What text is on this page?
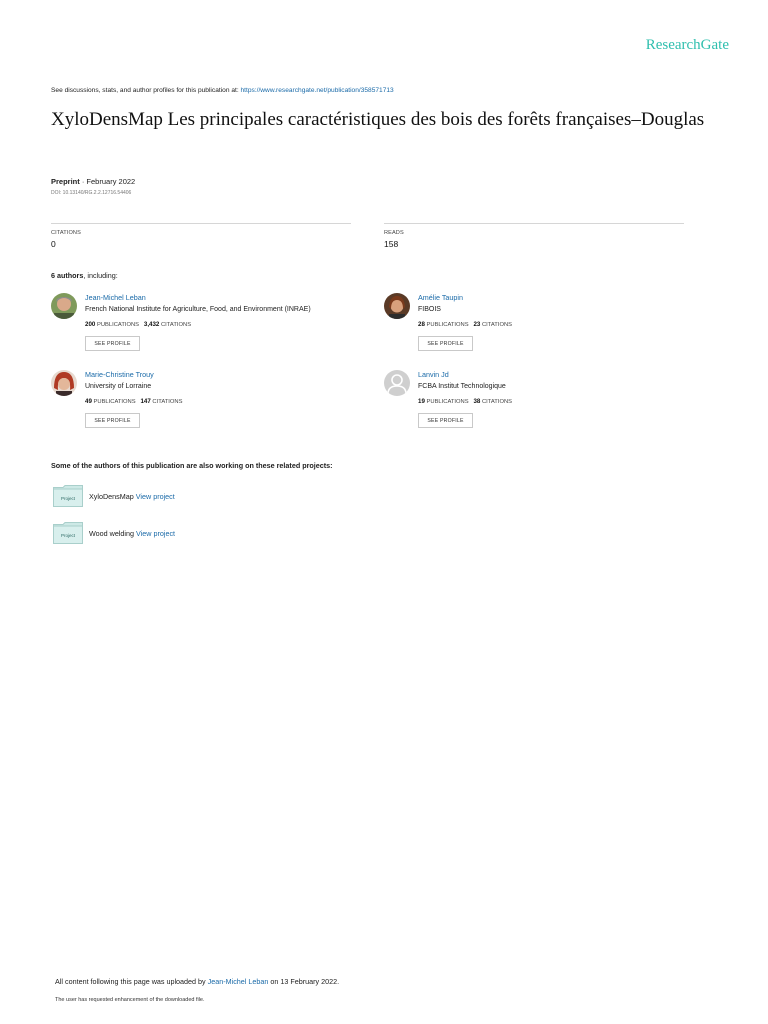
ResearchGate
See discussions, stats, and author profiles for this publication at: https://www.researchgate.net/publication/358571713
XyloDensMap Les principales caractéristiques des bois des forêts françaises–Douglas
Preprint · February 2022
DOI: 10.13140/RG.2.2.12716.54406
CITATIONS
0
READS
158
6 authors, including:
Jean-Michel Leban
French National Institute for Agriculture, Food, and Environment (INRAE)
200 PUBLICATIONS 3,432 CITATIONS
SEE PROFILE
Amélie Taupin
FIBOIS
28 PUBLICATIONS 23 CITATIONS
SEE PROFILE
Marie-Christine Trouy
University of Lorraine
49 PUBLICATIONS 147 CITATIONS
SEE PROFILE
Lanvin Jd
FCBA Institut Technologique
19 PUBLICATIONS 38 CITATIONS
SEE PROFILE
Some of the authors of this publication are also working on these related projects:
Project XyloDensMap View project
Project Wood welding View project
All content following this page was uploaded by Jean-Michel Leban on 13 February 2022.
The user has requested enhancement of the downloaded file.
